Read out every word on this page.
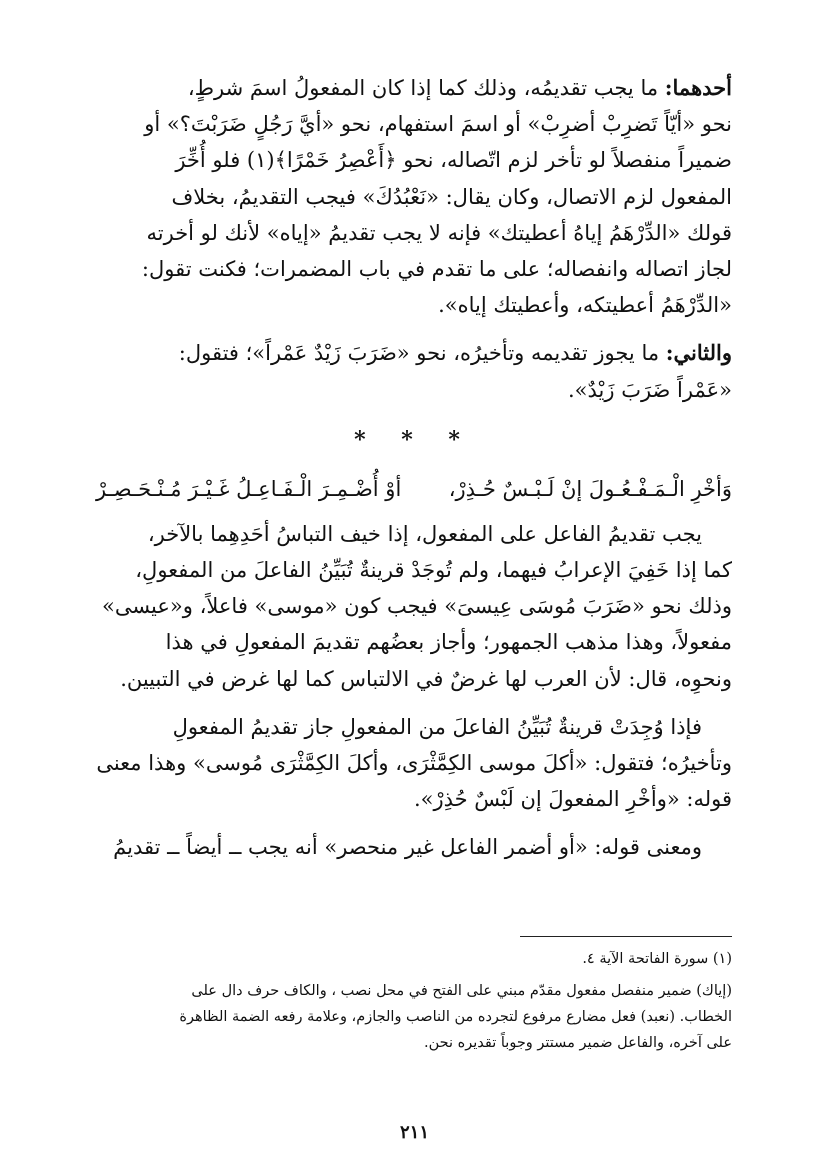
أحدهما: ما يجب تقديمُه، وذلك كما إذا كان المفعولُ اسمَ شرطٍ،
نحو «أيّاً تَضرِبْ أضرِبْ» أو اسمَ استفهام، نحو «أيَّ رَجُلٍ ضَرَبْتَ؟» أو
ضميراً منفصلاً لو تأخر لزم اتّصاله، نحو ﴿أَعْصِرُ خَمْرًا﴾(١) فلو أُخِّرَ
المفعول لزم الاتصال، وكان يقال: «نَعْبُدُكَ» فيجب التقديمُ، بخلاف
قولك «الدِّرْهَمُ إياهُ أعطيتك» فإنه لا يجب تقديمُ «إياه» لأنك لو أخرته
لجاز اتصاله وانفصاله؛ على ما تقدم في باب المضمرات؛ فكنت تقول:
«الدِّرْهَمُ أعطيتكه، وأعطيتك إياه».

والثاني: ما يجوز تقديمه وتأخيرُه، نحو «ضَرَبَ زَيْدٌ عَمْراً»؛ فتقول:
«عَمْراً ضَرَبَ زَيْدٌ».

* * *
وَأخْرِ الْـمَـفْـعُـولَ إنْ لَـبْـسٌ حُـذِرْ،
أوْ أُضْـمِـرَ الْـفَـاعِـلُ غَـيْـرَ مُـنْـحَـصِـرْ

يجب تقديمُ الفاعل على المفعول، إذا خيف التباسُ أحَدِهِما بالآخر،
كما إذا خَفِيَ الإعرابُ فيهما، ولم تُوجَدْ قرينةٌ تُبَيِّنُ الفاعلَ من المفعولِ،
وذلك نحو «ضَرَبَ مُوسَى عِيسىَ» فيجب كون «موسى» فاعلاً، و«عيسى»
مفعولاً، وهذا مذهب الجمهور؛ وأجاز بعضُهم تقديمَ المفعولِ في هذا
ونحوِه، قال: لأن العرب لها غرضٌ في الالتباس كما لها غرض في التبيين.

فإذا وُجِدَتْ قرينةٌ تُبَيِّنُ الفاعلَ من المفعولِ جاز تقديمُ المفعولِ
وتأخيرُه؛ فتقول: «أكلَ موسى الكِمَّثْرَى، وأكلَ الكِمَّثْرَى مُوسى» وهذا معنى
قوله: «وأخْرِ المفعولَ إن لَبْسٌ حُذِرْ».

ومعنى قوله: «أو أضمر الفاعل غير منحصر» أنه يجب ــ أيضاً ــ تقديمُ

(١) سورة الفاتحة الآية ٤.

(إياك) ضمير منفصل مفعول مقدّم مبني على الفتح في محل نصب ، والكاف حرف دال على

الخطاب. (نعبد) فعل مضارع مرفوع لتجرده من الناصب والجازم، وعلامة رفعه الضمة الظاهرة

على آخره، والفاعل ضمير مستتر وجوباً تقديره نحن.

٢١١
